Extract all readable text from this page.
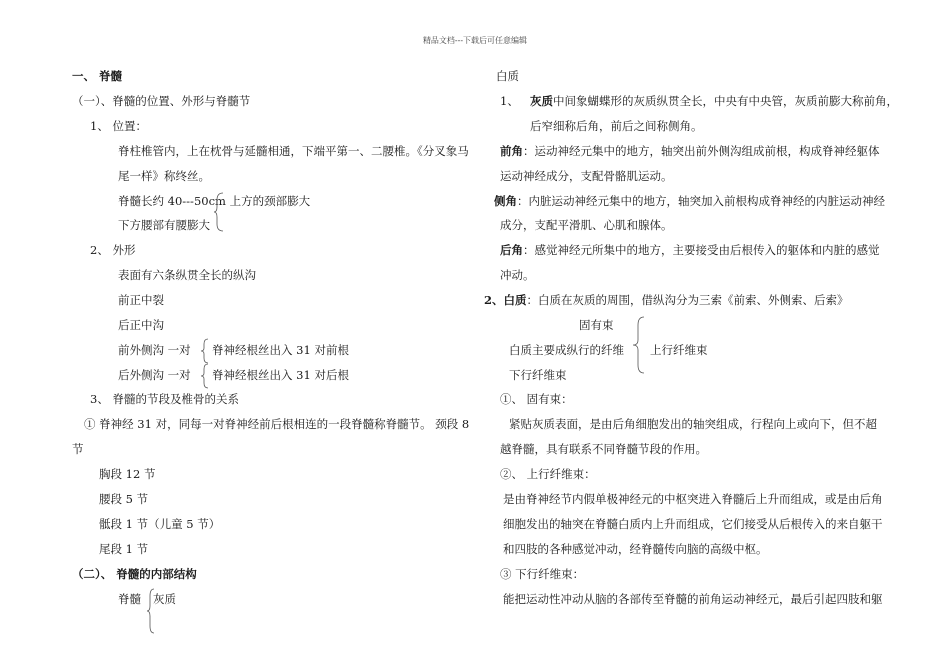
精品文档---下载后可任意编辑
一、 脊髓
（一）、脊髓的位置、外形与脊髓节
1、 位置：
脊柱椎管内，上在枕骨与延髓相通，下端平第一、二腰椎。《分叉象马
尾一样》称终丝。
脊髓长约 40---50cm 上方的颈部膨大
下方腰部有腰膨大
2、 外形
表面有六条纵贯全长的纵沟
前正中裂
后正中沟
前外侧沟 一对 脊神经根丝出入 31 对前根
后外侧沟 一对 脊神经根丝出入 31 对后根
3、 脊髓的节段及椎骨的关系
① 脊神经 31 对，同每一对脊神经前后根相连的一段脊髓称脊髓节。 颈段 8
节
胸段 12 节
腰段 5 节
骶段 1 节（儿童 5 节）
尾段 1 节
（二）、 脊髓的内部结构
脊髓 灰质
白质
1、 灰质中间象蝴蝶形的灰质纵贯全长，中央有中央管，灰质前膨大称前角，
后窄细称后角，前后之间称侧角。
前角：运动神经元集中的地方，轴突出前外侧沟组成前根，构成脊神经躯体
运动神经成分，支配骨骼肌运动。
侧角：内脏运动神经元集中的地方，轴突加入前根构成脊神经的内脏运动神经
成分，支配平滑肌、心肌和腺体。
后角：感觉神经元所集中的地方，主要接受由后根传入的躯体和内脏的感觉
冲动。
2、白质：白质在灰质的周围，借纵沟分为三索《前索、外侧索、后索》
固有束
白质主要成纵行的纤维 上行纤维束
下行纤维束
①、 固有束：
紧贴灰质表面，是由后角细胞发出的轴突组成，行程向上或向下，但不超
越脊髓，具有联系不同脊髓节段的作用。
②、 上行纤维束：
是由脊神经节内假单极神经元的中枢突进入脊髓后上升而组成，或是由后角
细胞发出的轴突在脊髓白质内上升而组成，它们接受从后根传入的来自躯干
和四肢的各种感觉冲动，经脊髓传向脑的高级中枢。
③ 下行纤维束：
能把运动性冲动从脑的各部传至脊髓的前角运动神经元，最后引起四肢和躯
